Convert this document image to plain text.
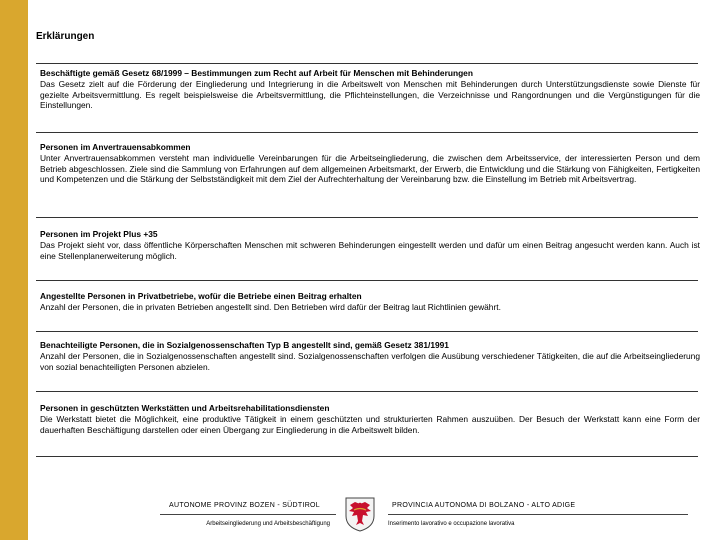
Erklärungen
Beschäftigte gemäß Gesetz 68/1999 – Bestimmungen zum Recht auf Arbeit für Menschen mit Behinderungen
Das Gesetz zielt auf die Förderung der Eingliederung und Integrierung in die Arbeitswelt von Menschen mit Behinderungen durch Unterstützungsdienste sowie Dienste für gezielte Arbeitsvermittlung. Es regelt beispielsweise die Arbeitsvermittlung, die Pflichteinstellungen, die Verzeichnisse und Rangordnungen und die Vergünstigungen für die Einstellungen.
Personen im Anvertrauensabkommen
Unter Anvertrauensabkommen versteht man individuelle Vereinbarungen für die Arbeitseingliederung, die zwischen dem Arbeitsservice, der interessierten Person und dem Betrieb abgeschlossen. Ziele sind die Sammlung von Erfahrungen auf dem allgemeinen Arbeitsmarkt, der Erwerb, die Entwicklung und die Stärkung von Fähigkeiten, Fertigkeiten und Kompetenzen und die Stärkung der Selbstständigkeit mit dem Ziel der Aufrechterhaltung der Vereinbarung bzw. die Einstellung im Betrieb mit Arbeitsvertrag.
Personen im Projekt Plus +35
Das Projekt sieht vor, dass öffentliche Körperschaften Menschen mit schweren Behinderungen eingestellt werden und dafür um einen Beitrag angesucht werden kann. Auch ist eine Stellenplanerweiterung möglich.
Angestellte Personen in Privatbetriebe, wofür die Betriebe einen Beitrag erhalten
Anzahl der Personen, die in privaten Betrieben angestellt sind. Den Betrieben wird dafür der Beitrag laut Richtlinien gewährt.
Benachteiligte Personen, die in Sozialgenossenschaften Typ B angestellt sind, gemäß Gesetz 381/1991
Anzahl der Personen, die in Sozialgenossenschaften angestellt sind. Sozialgenossenschaften verfolgen die Ausübung verschiedener Tätigkeiten, die auf die Arbeitseingliederung von sozial benachteiligten Personen abzielen.
Personen in geschützten Werkstätten und Arbeitsrehabilitationsdiensten
Die Werkstatt bietet die Möglichkeit, eine produktive Tätigkeit in einem geschützten und strukturierten Rahmen auszuüben. Der Besuch der Werkstatt kann eine Form der dauerhaften Beschäftigung darstellen oder einen Übergang zur Eingliederung in die Arbeitswelt bilden.
AUTONOME PROVINZ BOZEN - SÜDTIROL
Arbeitseingliederung und Arbeitsbeschäftigung
PROVINCIA AUTONOMA DI BOLZANO - ALTO ADIGE
Inserimento lavorativo e occupazione lavorativa
